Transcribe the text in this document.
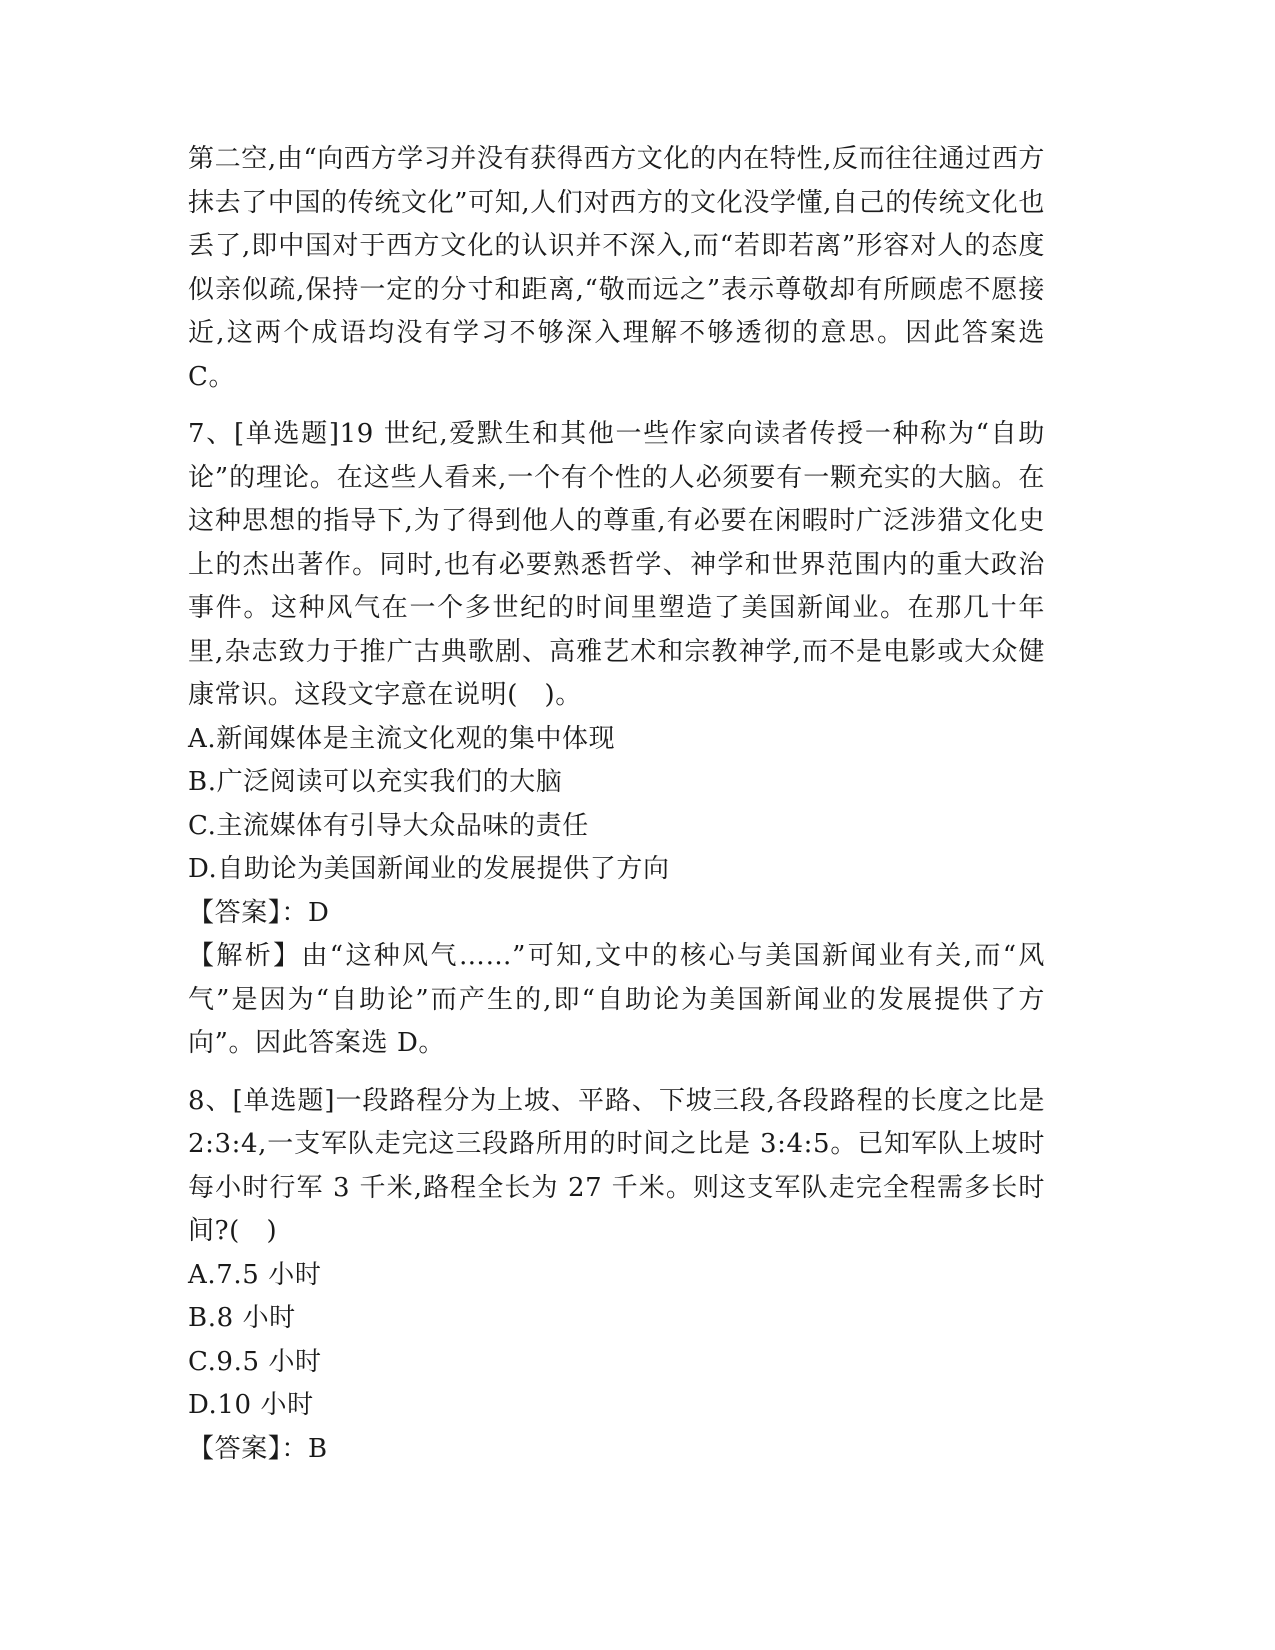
第二空,由“向西方学习并没有获得西方文化的内在特性,反而往往通过西方抹去了中国的传统文化”可知,人们对西方的文化没学懂,自己的传统文化也丢了,即中国对于西方文化的认识并不深入,而“若即若离”形容对人的态度似亲似疏,保持一定的分寸和距离,“敬而远之”表示尊敬却有所顾虑不愿接近,这两个成语均没有学习不够深入理解不够透彻的意思。因此答案选 C。

7、[单选题]19 世纪,爱默生和其他一些作家向读者传授一种称为“自助论”的理论。在这些人看来,一个有个性的人必须要有一颗充实的大脑。在这种思想的指导下,为了得到他人的尊重,有必要在闲暇时广泛涉猎文化史上的杰出著作。同时,也有必要熟悉哲学、神学和世界范围内的重大政治事件。这种风气在一个多世纪的时间里塑造了美国新闻业。在那几十年里,杂志致力于推广古典歌剧、高雅艺术和宗教神学,而不是电影或大众健康常识。这段文字意在说明(　)。

A.新闻媒体是主流文化观的集中体现

B.广泛阅读可以充实我们的大脑

C.主流媒体有引导大众品味的责任

D.自助论为美国新闻业的发展提供了方向

【答案】：D

【解析】由“这种风气……”可知,文中的核心与美国新闻业有关,而“风气”是因为“自助论”而产生的,即“自助论为美国新闻业的发展提供了方向”。因此答案选 D。

8、[单选题]一段路程分为上坡、平路、下坡三段,各段路程的长度之比是 2:3:4,一支军队走完这三段路所用的时间之比是 3:4:5。已知军队上坡时每小时行军 3 千米,路程全长为 27 千米。则这支军队走完全程需多长时间?(　)

A.7.5 小时

B.8 小时

C.9.5 小时

D.10 小时

【答案】：B
